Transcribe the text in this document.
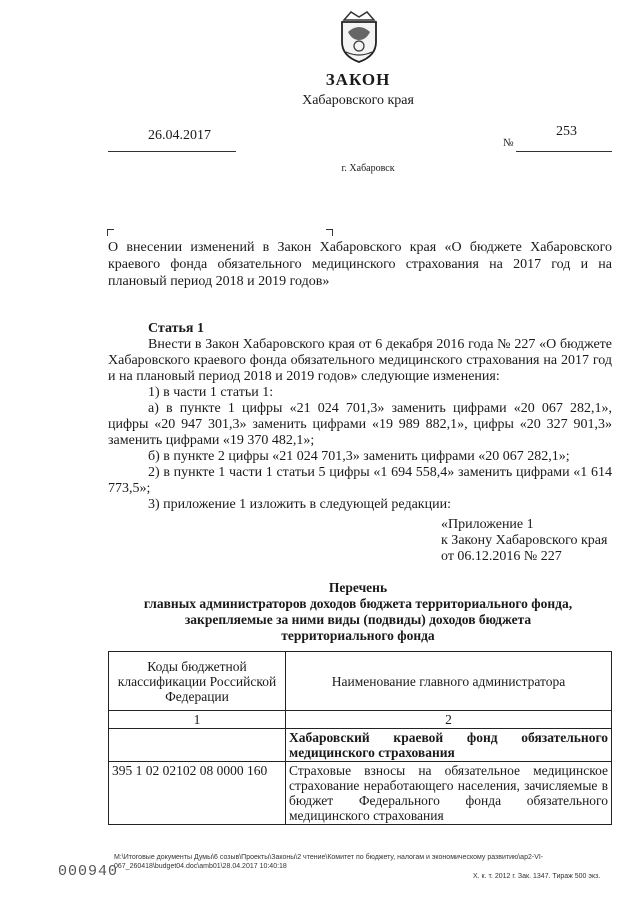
ЗАКОН
Хабаровского края
26.04.2017	№
253
г. Хабаровск
О внесении изменений в Закон Хабаровского края «О бюджете Хабаровского краевого фонда обязательного медицинского страхования на 2017 год и на плановый период 2018 и 2019 годов»
Статья 1

Внести в Закон Хабаровского края от 6 декабря 2016 года № 227 «О бюджете Хабаровского краевого фонда обязательного медицинского страхования на 2017 год и на плановый период 2018 и 2019 годов» следующие изменения:

1) в части 1 статьи 1:

а) в пункте 1 цифры «21 024 701,3» заменить цифрами «20 067 282,1», цифры «20 947 301,3» заменить цифрами «19 989 882,1», цифры «20 327 901,3» заменить цифрами «19 370 482,1»;

б) в пункте 2 цифры «21 024 701,3» заменить цифрами «20 067 282,1»;

2) в пункте 1 части 1 статьи 5 цифры «1 694 558,4» заменить цифрами «1 614 773,5»;

3) приложение 1 изложить в следующей редакции:

«Приложение 1
к Закону Хабаровского края
от 06.12.2016 № 227
Перечень
главных администраторов доходов бюджета территориального фонда,
закрепляемые за ними виды (подвиды) доходов бюджета
территориального фонда
Коды бюджетной классификации Российской Федерации	Наименование главного администратора
1	2
	Хабаровский краевой фонд обязательного медицинского страхования
395 1 02 02102 08 0000 160	Страховые взносы на обязательное медицинское страхование неработающего населения, зачисляемые в бюджет Федерального фонда обязательного медицинского страхования
M:\Итоговые документы Думы\6 созыв\Проекты\Законы\2 чтение\Комитет по бюджету, налогам и экономическому развитию\ap2-VI-067_260418\budget04.doc\amb01\28.04.2017 10:40:18
Х. к. т. 2012 г. Зак. 1347. Тираж 500 экз.
000940
